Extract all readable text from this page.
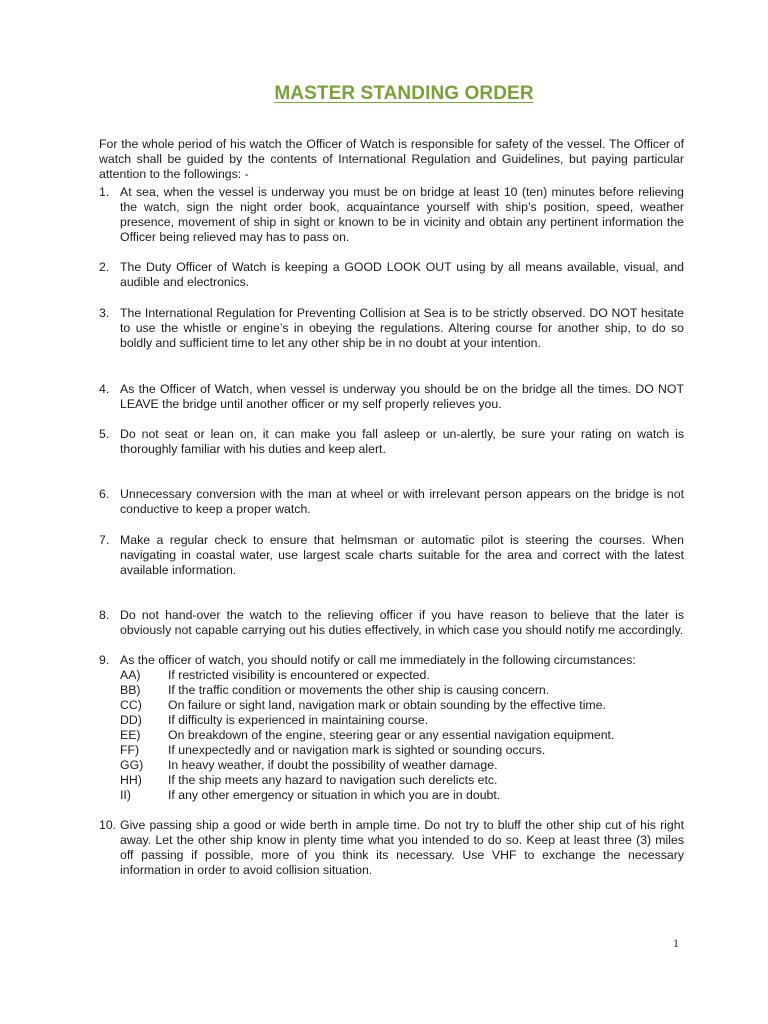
MASTER STANDING ORDER

For the whole period of his watch the Officer of Watch is responsible for safety of the vessel. The Officer of watch shall be guided by the contents of International Regulation and Guidelines, but paying particular attention to the followings: -

1. At sea, when the vessel is underway you must be on bridge at least 10 (ten) minutes before relieving the watch, sign the night order book, acquaintance yourself with ship’s position, speed, weather presence, movement of ship in sight or known to be in vicinity and obtain any pertinent information the Officer being relieved may has to pass on.
2. The Duty Officer of Watch is keeping a GOOD LOOK OUT using by all means available, visual, and audible and electronics.
3. The International Regulation for Preventing Collision at Sea is to be strictly observed. DO NOT hesitate to use the whistle or engine’s in obeying the regulations. Altering course for another ship, to do so boldly and sufficient time to let any other ship be in no doubt at your intention.
4. As the Officer of Watch, when vessel is underway you should be on the bridge all the times. DO NOT LEAVE the bridge until another officer or my self properly relieves you.
5. Do not seat or lean on, it can make you fall asleep or un-alertly, be sure your rating on watch is thoroughly familiar with his duties and keep alert.
6. Unnecessary conversion with the man at wheel or with irrelevant person appears on the bridge is not conductive to keep a proper watch.
7. Make a regular check to ensure that helmsman or automatic pilot is steering the courses. When navigating in coastal water, use largest scale charts suitable for the area and correct with the latest available information.
8. Do not hand-over the watch to the relieving officer if you have reason to believe that the later is obviously not capable carrying out his duties effectively, in which case you should notify me accordingly.
9. As the officer of watch, you should notify or call me immediately in the following circumstances:
AA) If restricted visibility is encountered or expected.
BB) If the traffic condition or movements the other ship is causing concern.
CC) On failure or sight land, navigation mark or obtain sounding by the effective time.
DD) If difficulty is experienced in maintaining course.
EE) On breakdown of the engine, steering gear or any essential navigation equipment.
FF) If unexpectedly and or navigation mark is sighted or sounding occurs.
GG) In heavy weather, if doubt the possibility of weather damage.
HH) If the ship meets any hazard to navigation such derelicts etc.
II)	If any other emergency or situation in which you are in doubt.
10. Give passing ship a good or wide berth in ample time. Do not try to bluff the other ship cut of his right away. Let the other ship know in plenty time what you intended to do so. Keep at least three (3) miles off passing if possible, more of you think its necessary. Use VHF to exchange the necessary information in order to avoid collision situation.
1
